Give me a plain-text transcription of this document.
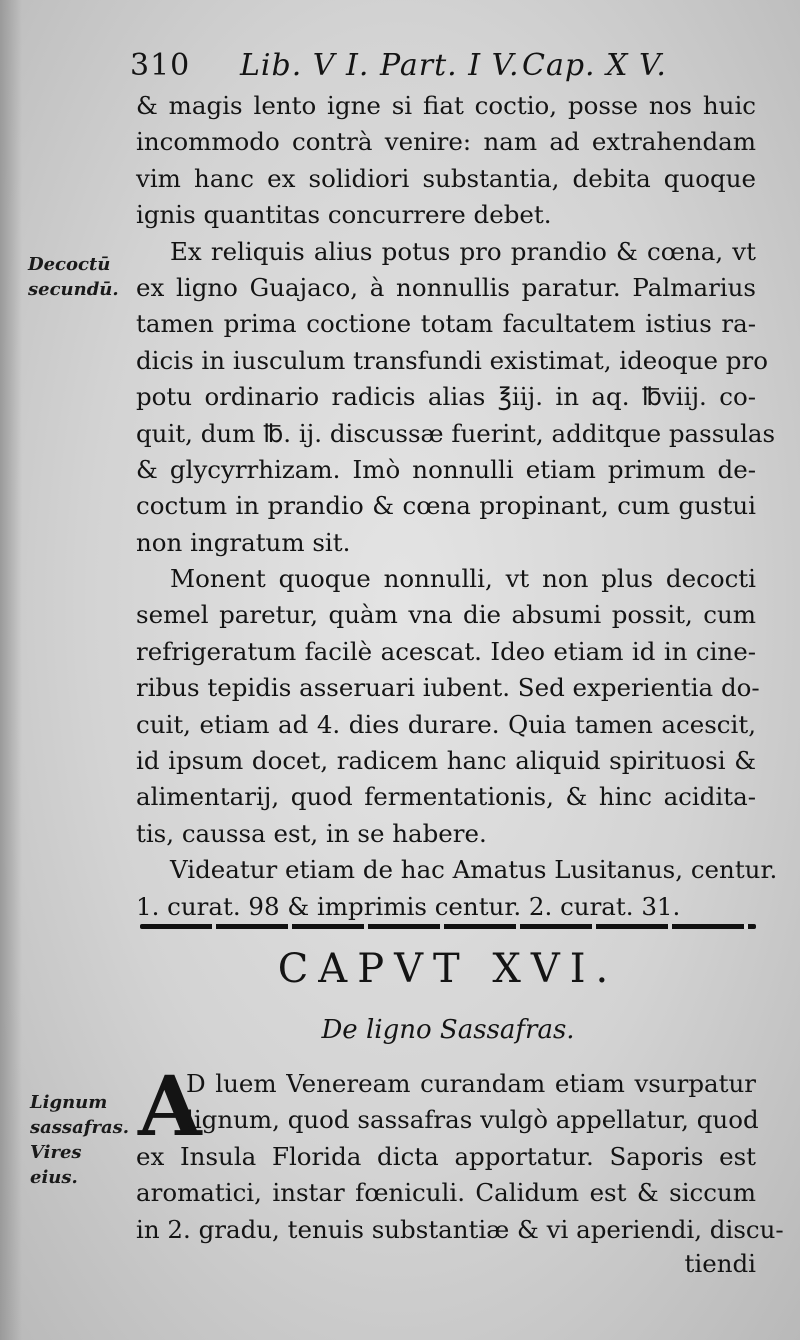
310 Lib. V I. Part. I V. Cap. X V.
& magis lento igne si fiat coctio, posse nos huic
incommodo contrà venire: nam ad extrahendam
vim hanc ex solidiori substantia, debita quoque
ignis quantitas concurrere debet.
Ex reliquis alius potus pro prandio & cœna, vt
ex ligno Guajaco, à nonnullis paratur. Palmarius
tamen prima coctione totam facultatem istius ra-
dicis in iusculum transfundi existimat, ideoque pro
potu ordinario radicis alias ℥iij. in aq. ℔viij. co-
quit, dum ℔. ij. discussæ fuerint, additque passulas
& glycyrrhizam. Imò nonnulli etiam primum de-
coctum in prandio & cœna propinant, cum gustui
non ingratum sit.
Monent quoque nonnulli, vt non plus decocti
semel paretur, quàm vna die absumi possit, cum
refrigeratum facilè acescat. Ideo etiam id in cine-
ribus tepidis asseruari iubent. Sed experientia do-
cuit, etiam ad 4. dies durare. Quia tamen acescit,
id ipsum docet, radicem hanc aliquid spirituosi &
alimentarij, quod fermentationis, & hinc acidita-
tis, caussa est, in se habere.
Videatur etiam de hac Amatus Lusitanus, centur.
1. curat. 98 & imprimis centur. 2. curat. 31.
Decoctū
secundū.
CAPVT XVI.
De ligno Sassafras.
A
D luem Veneream curandam etiam vsurpatur
lignum, quod sassafras vulgò appellatur, quod
ex Insula Florida dicta apportatur. Saporis est
aromatici, instar fœniculi. Calidum est & siccum
in 2. gradu, tenuis substantiæ & vi aperiendi, discu-
tiendi
Lignum
sassafras.
Vires
eius.
